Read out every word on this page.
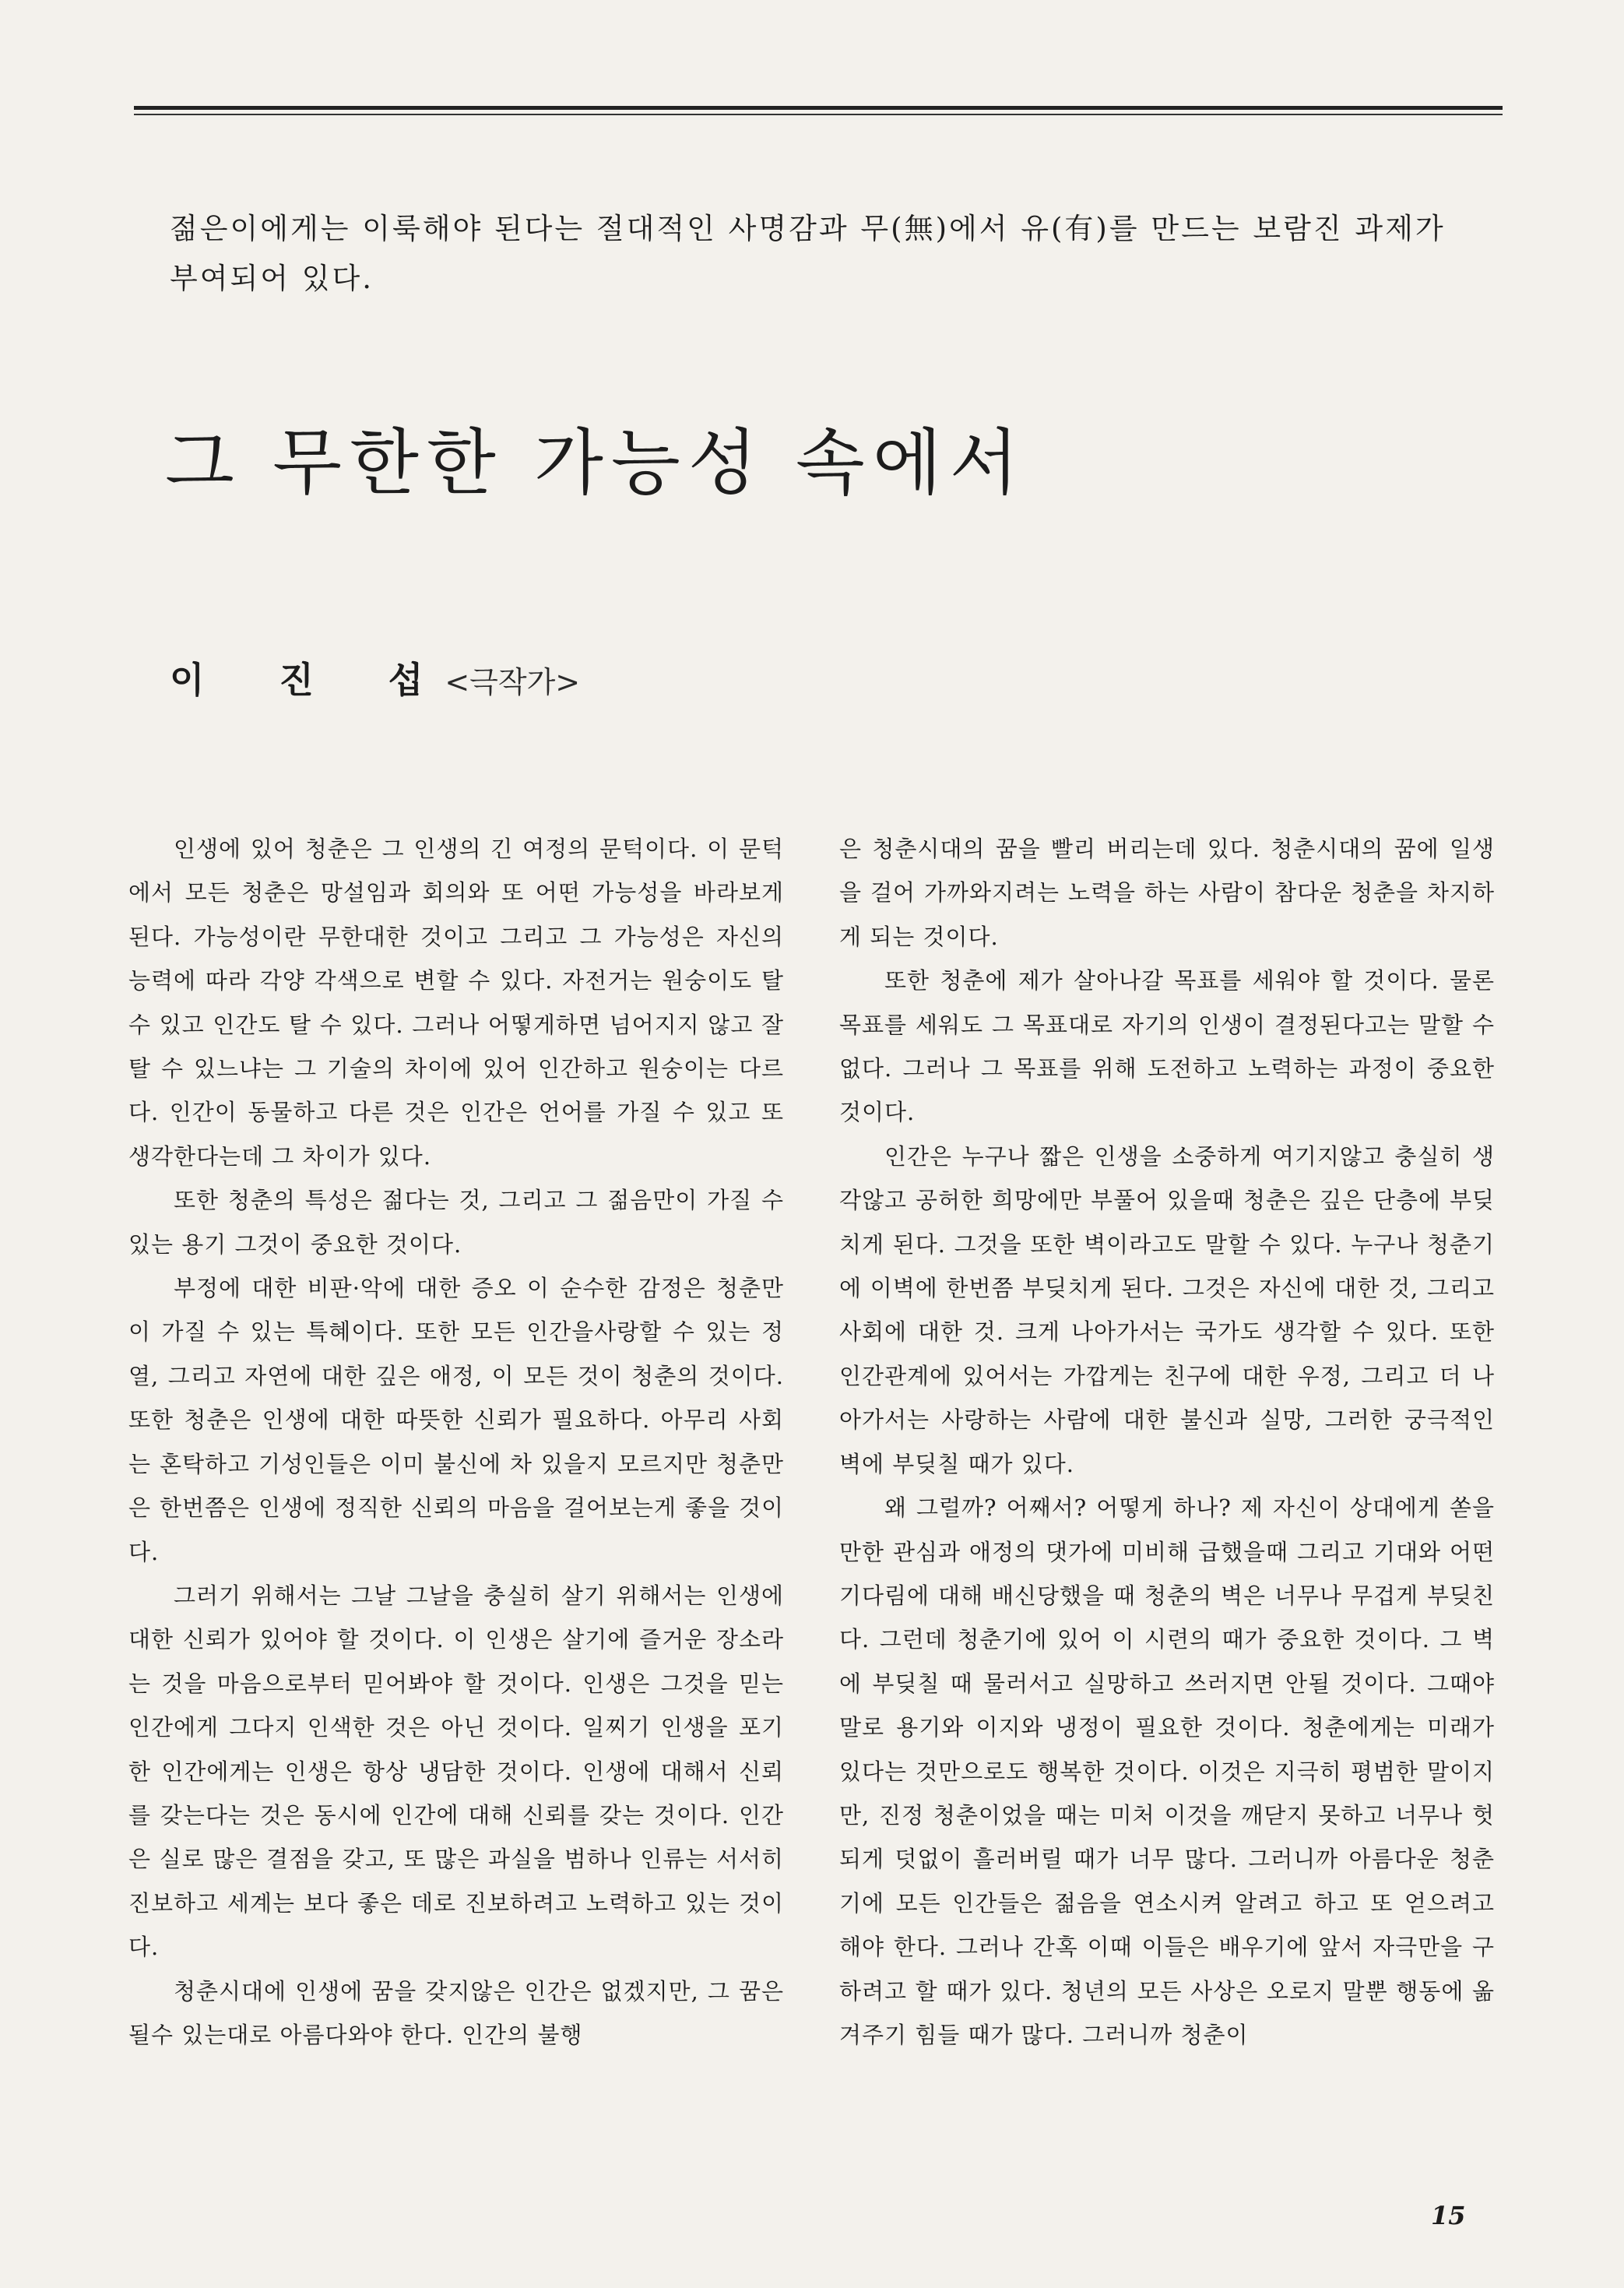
젊은이에게는 이룩해야 된다는 절대적인 사명감과 무(無)에서 유(有)를 만드는 보람진 과제가 부여되어 있다.

그 무한한 가능성 속에서
이 진 섭 <극작가>

인생에 있어 청춘은 그 인생의 긴 여정의 문턱이다. 이 문턱에서 모든 청춘은 망설임과 회의와 또 어떤 가능성을 바라보게 된다. 가능성이란 무한대한 것이고 그리고 그 가능성은 자신의 능력에 따라 각양 각색으로 변할 수 있다. 자전거는 원숭이도 탈 수 있고 인간도 탈 수 있다. 그러나 어떻게하면 넘어지지 않고 잘 탈 수 있느냐는 그 기술의 차이에 있어 인간하고 원숭이는 다르다. 인간이 동물하고 다른 것은 인간은 언어를 가질 수 있고 또 생각한다는데 그 차이가 있다.

또한 청춘의 특성은 젊다는 것, 그리고 그 젊음만이 가질 수 있는 용기 그것이 중요한 것이다.

부정에 대한 비판·악에 대한 증오 이 순수한 감정은 청춘만이 가질 수 있는 특혜이다. 또한 모든 인간을사랑할 수 있는 정열, 그리고 자연에 대한 깊은 애정, 이 모든 것이 청춘의 것이다. 또한 청춘은 인생에 대한 따뜻한 신뢰가 필요하다. 아무리 사회는 혼탁하고 기성인들은 이미 불신에 차 있을지 모르지만 청춘만은 한번쯤은 인생에 정직한 신뢰의 마음을 걸어보는게 좋을 것이다.

그러기 위해서는 그날 그날을 충실히 살기 위해서는 인생에 대한 신뢰가 있어야 할 것이다. 이 인생은 살기에 즐거운 장소라는 것을 마음으로부터 믿어봐야 할 것이다. 인생은 그것을 믿는 인간에게 그다지 인색한 것은 아닌 것이다. 일찌기 인생을 포기한 인간에게는 인생은 항상 냉담한 것이다. 인생에 대해서 신뢰를 갖는다는 것은 동시에 인간에 대해 신뢰를 갖는 것이다. 인간은 실로 많은 결점을 갖고, 또 많은 과실을 범하나 인류는 서서히 진보하고 세계는 보다 좋은 데로 진보하려고 노력하고 있는 것이다.

청춘시대에 인생에 꿈을 갖지않은 인간은 없겠지만, 그 꿈은 될수 있는대로 아름다와야 한다. 인간의 불행

은 청춘시대의 꿈을 빨리 버리는데 있다. 청춘시대의 꿈에 일생을 걸어 가까와지려는 노력을 하는 사람이 참다운 청춘을 차지하게 되는 것이다.

또한 청춘에 제가 살아나갈 목표를 세워야 할 것이다. 물론 목표를 세워도 그 목표대로 자기의 인생이 결정된다고는 말할 수 없다. 그러나 그 목표를 위해 도전하고 노력하는 과정이 중요한 것이다.

인간은 누구나 짧은 인생을 소중하게 여기지않고 충실히 생각않고 공허한 희망에만 부풀어 있을때 청춘은 깊은 단층에 부딪치게 된다. 그것을 또한 벽이라고도 말할 수 있다. 누구나 청춘기에 이벽에 한번쯤 부딪치게 된다. 그것은 자신에 대한 것, 그리고 사회에 대한 것. 크게 나아가서는 국가도 생각할 수 있다. 또한 인간관계에 있어서는 가깝게는 친구에 대한 우정, 그리고 더 나아가서는 사랑하는 사람에 대한 불신과 실망, 그러한 궁극적인 벽에 부딪칠 때가 있다.

왜 그럴까? 어째서? 어떻게 하나? 제 자신이 상대에게 쏟을만한 관심과 애정의 댓가에 미비해 급했을때 그리고 기대와 어떤 기다림에 대해 배신당했을 때 청춘의 벽은 너무나 무겁게 부딪친다. 그런데 청춘기에 있어 이 시련의 때가 중요한 것이다. 그 벽에 부딪칠 때 물러서고 실망하고 쓰러지면 안될 것이다. 그때야말로 용기와 이지와 냉정이 필요한 것이다. 청춘에게는 미래가 있다는 것만으로도 행복한 것이다. 이것은 지극히 평범한 말이지만, 진정 청춘이었을 때는 미처 이것을 깨닫지 못하고 너무나 헛되게 덧없이 흘러버릴 때가 너무 많다. 그러니까 아름다운 청춘기에 모든 인간들은 젊음을 연소시켜 알려고 하고 또 얻으려고 해야 한다. 그러나 간혹 이때 이들은 배우기에 앞서 자극만을 구하려고 할 때가 있다. 청년의 모든 사상은 오로지 말뿐 행동에 옮겨주기 힘들 때가 많다. 그러니까 청춘이

15
